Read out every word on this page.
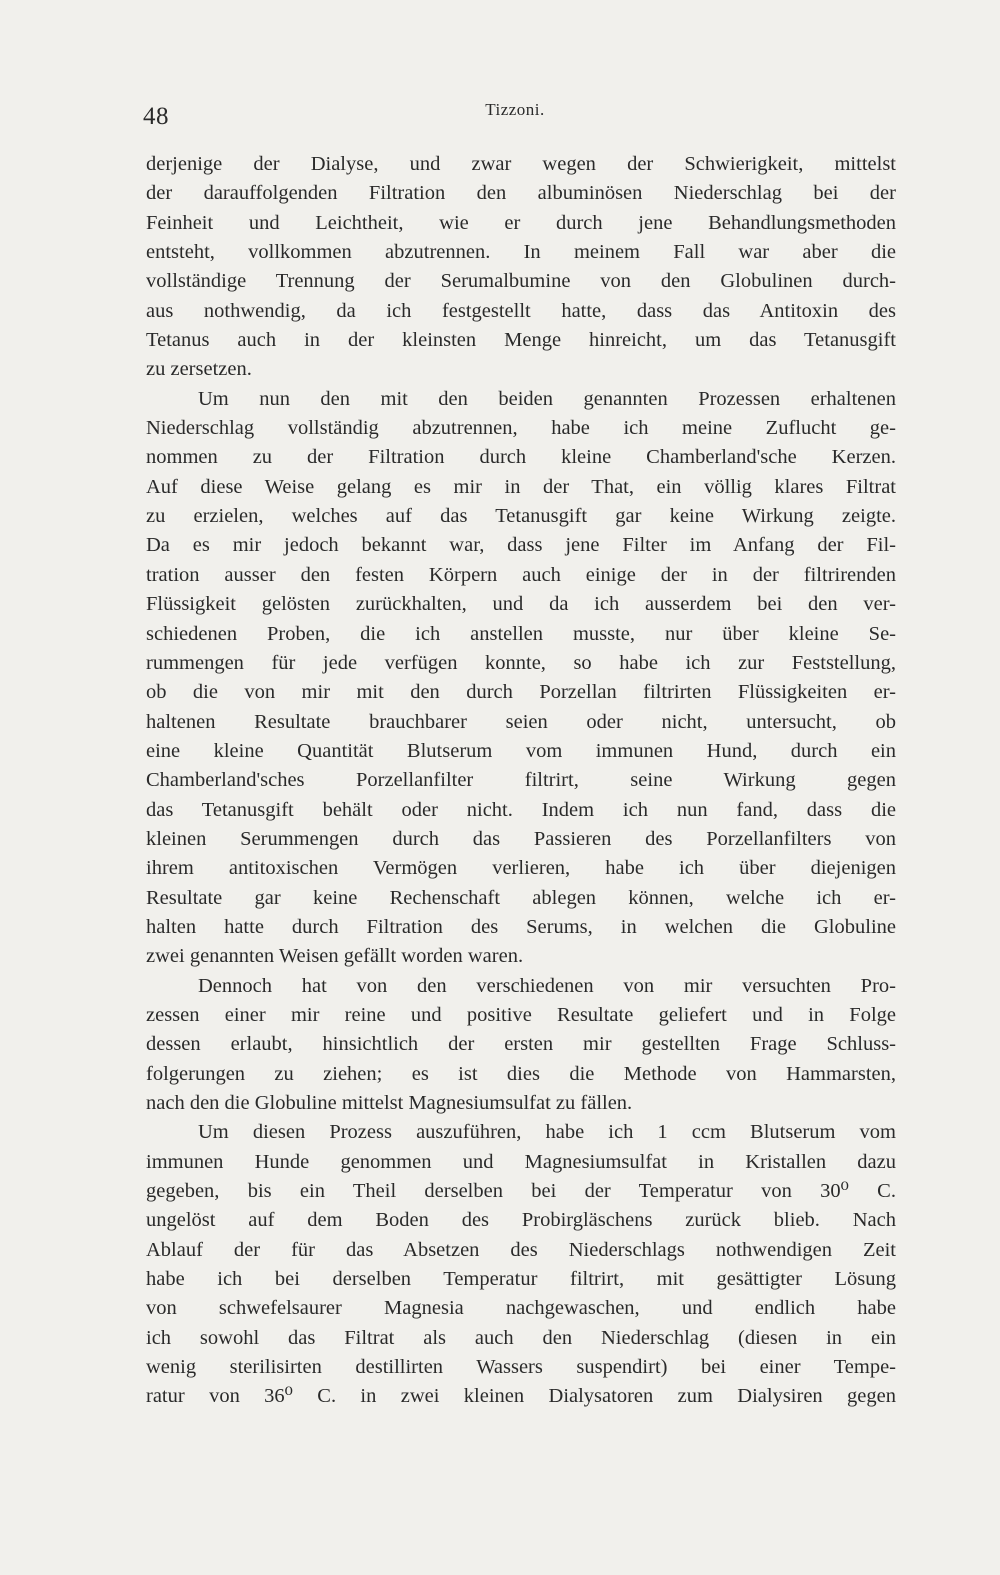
48	Tizzoni.
derjenige der Dialyse, und zwar wegen der Schwierigkeit, mittelst
der darauffolgenden Filtration den albuminösen Niederschlag bei der
Feinheit und Leichtheit, wie er durch jene Behandlungsmethoden
entsteht, vollkommen abzutrennen. In meinem Fall war aber die
vollständige Trennung der Serumalbumine von den Globulinen durch-
aus nothwendig, da ich festgestellt hatte, dass das Antitoxin des
Tetanus auch in der kleinsten Menge hinreicht, um das Tetanusgift
zu zersetzen.
Um nun den mit den beiden genannten Prozessen erhaltenen
Niederschlag vollständig abzutrennen, habe ich meine Zuflucht ge-
nommen zu der Filtration durch kleine Chamberland'sche Kerzen.
Auf diese Weise gelang es mir in der That, ein völlig klares Filtrat
zu erzielen, welches auf das Tetanusgift gar keine Wirkung zeigte.
Da es mir jedoch bekannt war, dass jene Filter im Anfang der Fil-
tration ausser den festen Körpern auch einige der in der filtrirenden
Flüssigkeit gelösten zurückhalten, und da ich ausserdem bei den ver-
schiedenen Proben, die ich anstellen musste, nur über kleine Se-
rummengen für jede verfügen konnte, so habe ich zur Feststellung,
ob die von mir mit den durch Porzellan filtrirten Flüssigkeiten er-
haltenen Resultate brauchbarer seien oder nicht, untersucht, ob
eine kleine Quantität Blutserum vom immunen Hund, durch ein
Chamberland'sches Porzellanfilter filtrirt, seine Wirkung gegen
das Tetanusgift behält oder nicht. Indem ich nun fand, dass die
kleinen Serummengen durch das Passieren des Porzellanfilters von
ihrem antitoxischen Vermögen verlieren, habe ich über diejenigen
Resultate gar keine Rechenschaft ablegen können, welche ich er-
halten hatte durch Filtration des Serums, in welchen die Globuline
zwei genannten Weisen gefällt worden waren.
Dennoch hat von den verschiedenen von mir versuchten Pro-
zessen einer mir reine und positive Resultate geliefert und in Folge
dessen erlaubt, hinsichtlich der ersten mir gestellten Frage Schluss-
folgerungen zu ziehen; es ist dies die Methode von Hammarsten,
nach den die Globuline mittelst Magnesiumsulfat zu fällen.
Um diesen Prozess auszuführen, habe ich 1 ccm Blutserum vom
immunen Hunde genommen und Magnesiumsulfat in Kristallen dazu
gegeben, bis ein Theil derselben bei der Temperatur von 30⁰ C.
ungelöst auf dem Boden des Probirgläschens zurück blieb. Nach
Ablauf der für das Absetzen des Niederschlags nothwendigen Zeit
habe ich bei derselben Temperatur filtrirt, mit gesättigter Lösung
von schwefelsaurer Magnesia nachgewaschen, und endlich habe
ich sowohl das Filtrat als auch den Niederschlag (diesen in ein
wenig sterilisirten destillirten Wassers suspendirt) bei einer Tempe-
ratur von 36⁰ C. in zwei kleinen Dialysatoren zum Dialysiren gegen
